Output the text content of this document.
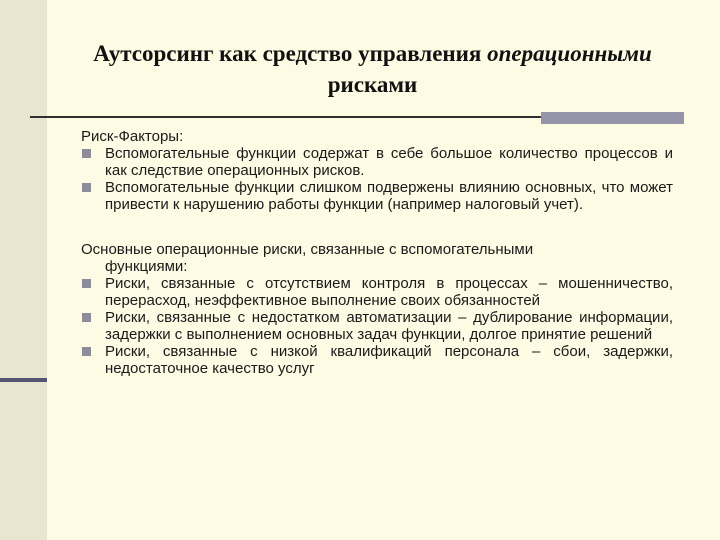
Аутсорсинг как средство управления операционными
рисками
Риск-Факторы:
Вспомогательные функции содержат в себе большое количество процессов и как следствие операционных рисков.
Вспомогательные функции слишком подвержены влиянию основных, что может привести к нарушению работы функции (например налоговый учет).
Основные операционные риски, связанные с вспомогательными
функциями:
Риски, связанные с отсутствием контроля в процессах – мошенничество, перерасход, неэффективное выполнение своих обязанностей
Риски, связанные с недостатком автоматизации – дублирование информации, задержки с выполнением основных задач функции, долгое принятие решений
Риски, связанные с низкой квалификаций персонала – сбои, задержки, недостаточное качество услуг
